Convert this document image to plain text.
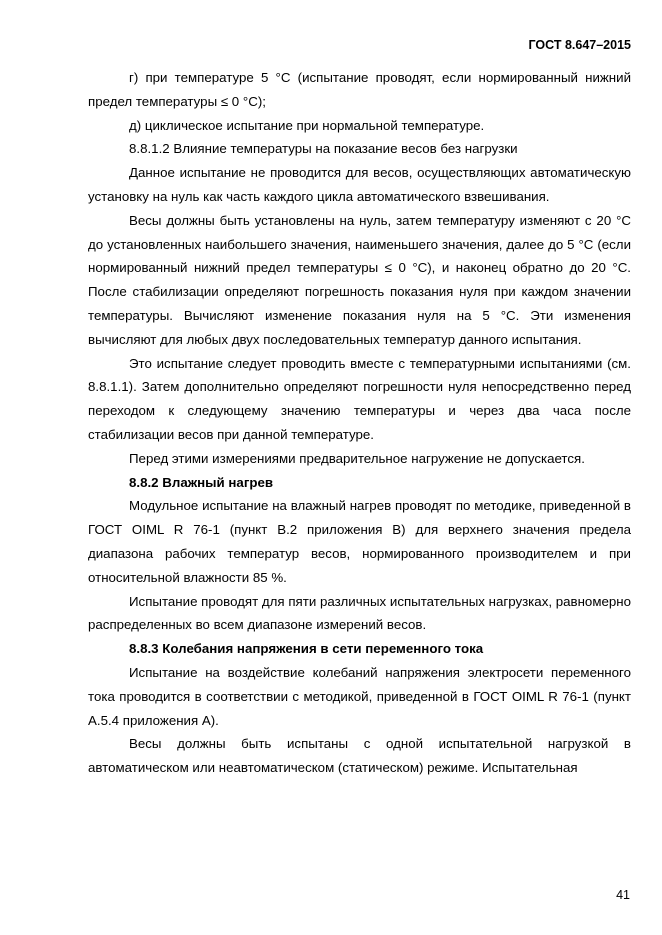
ГОСТ 8.647–2015

г) при температуре 5 °С (испытание проводят, если нормированный нижний предел температуры ≤ 0 °С);

д) циклическое испытание при нормальной температуре.

8.8.1.2 Влияние температуры на показание весов без нагрузки

Данное испытание не проводится для весов, осуществляющих автоматическую установку на нуль как часть каждого цикла автоматического взвешивания.

Весы должны быть установлены на нуль, затем температуру изменяют с 20 °С до установленных наибольшего значения, наименьшего значения, далее до 5 °С (если нормированный нижний предел температуры ≤ 0 °С), и наконец обратно до 20 °С. После стабилизации определяют погрешность показания нуля при каждом значении температуры. Вычисляют изменение показания нуля на 5 °С. Эти изменения вычисляют для любых двух последовательных температур данного испытания.

Это испытание следует проводить вместе с температурными испытаниями (см. 8.8.1.1). Затем дополнительно определяют погрешности нуля непосредственно перед переходом к следующему значению температуры и через два часа после стабилизации весов при данной температуре.

Перед этими измерениями предварительное нагружение не допускается.

8.8.2 Влажный нагрев

Модульное испытание на влажный нагрев проводят по методике, приведенной в ГОСТ OIML R 76-1 (пункт В.2 приложения В) для верхнего значения предела диапазона рабочих температур весов, нормированного производителем и при относительной влажности 85 %.

Испытание проводят для пяти различных испытательных нагрузках, равномерно распределенных во всем диапазоне измерений весов.

8.8.3 Колебания напряжения в сети переменного тока

Испытание на воздействие колебаний напряжения электросети переменного тока проводится в соответствии с методикой, приведенной в ГОСТ OIML R 76-1 (пункт А.5.4 приложения А).

Весы должны быть испытаны с одной испытательной нагрузкой в автоматическом или неавтоматическом (статическом) режиме. Испытательная

41
